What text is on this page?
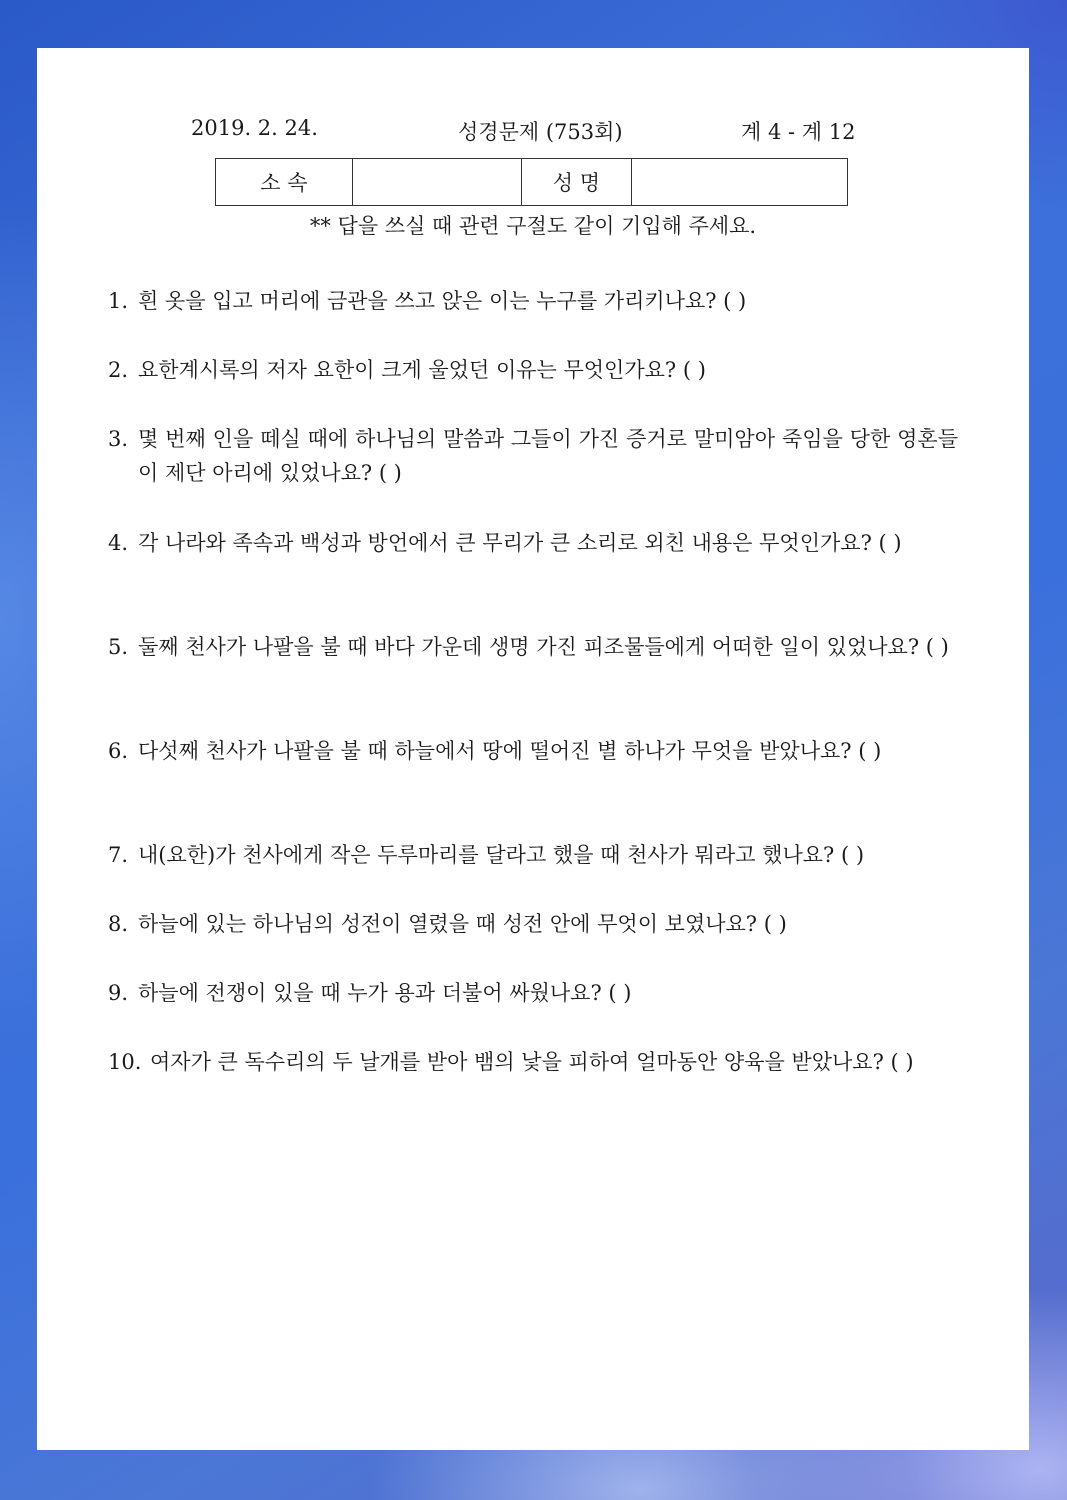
2019. 2. 24.	성경문제 (753회)	계 4 - 계 12
소 속		성 명	
** 답을 쓰실 때 관련 구절도 같이 기입해 주세요.
1. 흰 옷을 입고 머리에 금관을 쓰고 앉은 이는 누구를 가리키나요? ( )
2. 요한계시록의 저자 요한이 크게 울었던 이유는 무엇인가요? ( )
3. 몇 번째 인을 떼실 때에 하나님의 말씀과 그들이 가진 증거로 말미암아 죽임을 당한 영혼들이 제단 아리에 있었나요? ( )
4. 각 나라와 족속과 백성과 방언에서 큰 무리가 큰 소리로 외친 내용은 무엇인가요? ( )
5. 둘째 천사가 나팔을 불 때 바다 가운데 생명 가진 피조물들에게 어떠한 일이 있었나요? ( )
6. 다섯째 천사가 나팔을 불 때 하늘에서 땅에 떨어진 별 하나가 무엇을 받았나요? ( )
7. 내(요한)가 천사에게 작은 두루마리를 달라고 했을 때 천사가 뭐라고 했나요? ( )
8. 하늘에 있는 하나님의 성전이 열렸을 때 성전 안에 무엇이 보였나요? ( )
9. 하늘에 전쟁이 있을 때 누가 용과 더불어 싸웠나요? ( )
10. 여자가 큰 독수리의 두 날개를 받아 뱀의 낯을 피하여 얼마동안 양육을 받았나요? ( )
